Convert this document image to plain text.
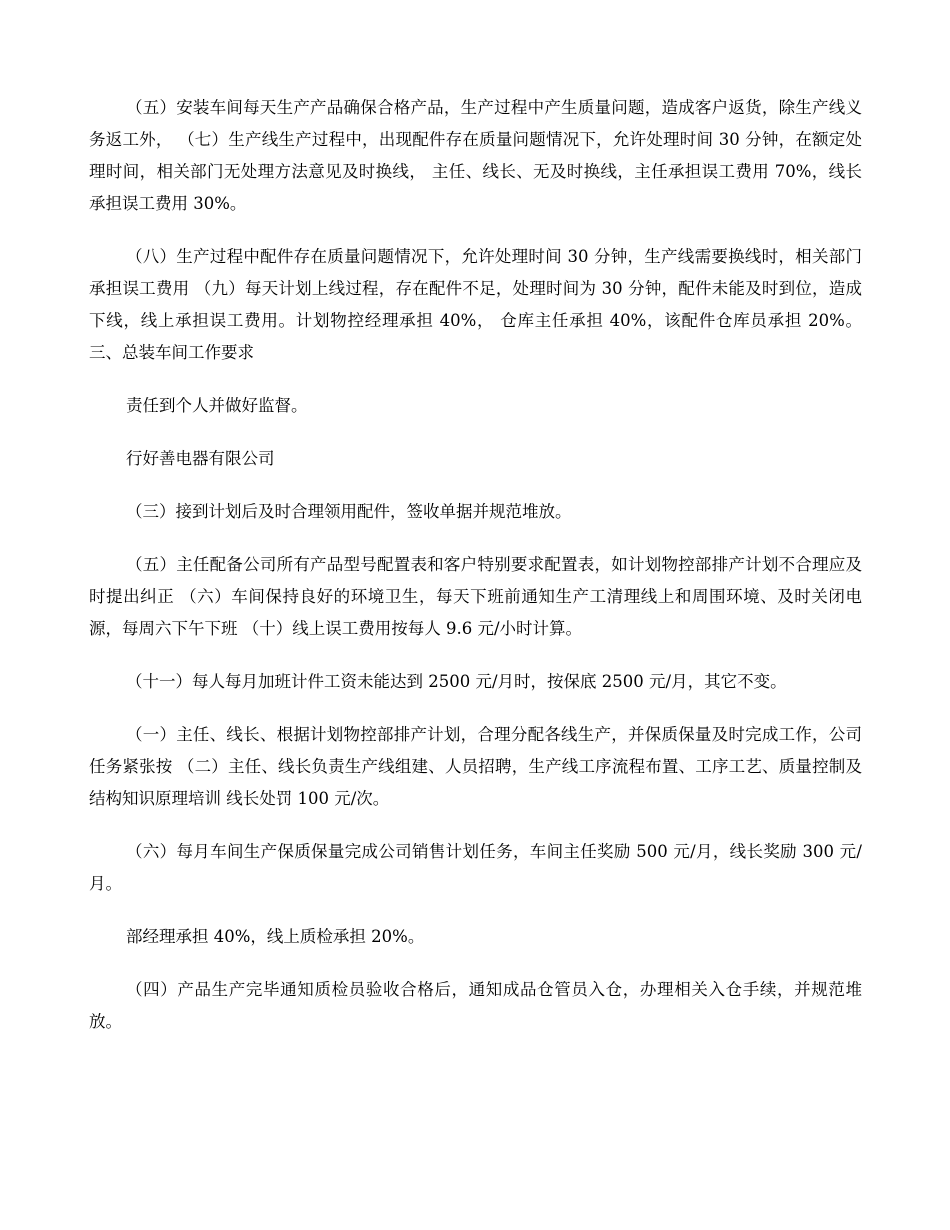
（五）安装车间每天生产产品确保合格产品，生产过程中产生质量问题，造成客户返货，除生产线义务返工外， （七）生产线生产过程中，出现配件存在质量问题情况下，允许处理时间 30 分钟，在额定处理时间，相关部门无处理方法意见及时换线， 主任、线长、无及时换线，主任承担误工费用 70%，线长承担误工费用 30%。

（八）生产过程中配件存在质量问题情况下，允许处理时间 30 分钟，生产线需要换线时，相关部门承担误工费用 （九）每天计划上线过程，存在配件不足，处理时间为 30 分钟，配件未能及时到位，造成下线，线上承担误工费用。计划物控经理承担 40%， 仓库主任承担 40%，该配件仓库员承担 20%。三、总装车间工作要求

责任到个人并做好监督。

行好善电器有限公司

（三）接到计划后及时合理领用配件，签收单据并规范堆放。

（五）主任配备公司所有产品型号配置表和客户特别要求配置表，如计划物控部排产计划不合理应及时提出纠正 （六）车间保持良好的环境卫生，每天下班前通知生产工清理线上和周围环境、及时关闭电源，每周六下午下班 （十）线上误工费用按每人 9.6 元/小时计算。

（十一）每人每月加班计件工资未能达到 2500 元/月时，按保底 2500 元/月，其它不变。

（一）主任、线长、根据计划物控部排产计划，合理分配各线生产，并保质保量及时完成工作，公司任务紧张按 （二）主任、线长负责生产线组建、人员招聘，生产线工序流程布置、工序工艺、质量控制及结构知识原理培训 线长处罚 100 元/次。

（六）每月车间生产保质保量完成公司销售计划任务，车间主任奖励 500 元/月，线长奖励 300 元/月。

部经理承担 40%，线上质检承担 20%。

（四）产品生产完毕通知质检员验收合格后，通知成品仓管员入仓，办理相关入仓手续，并规范堆放。
